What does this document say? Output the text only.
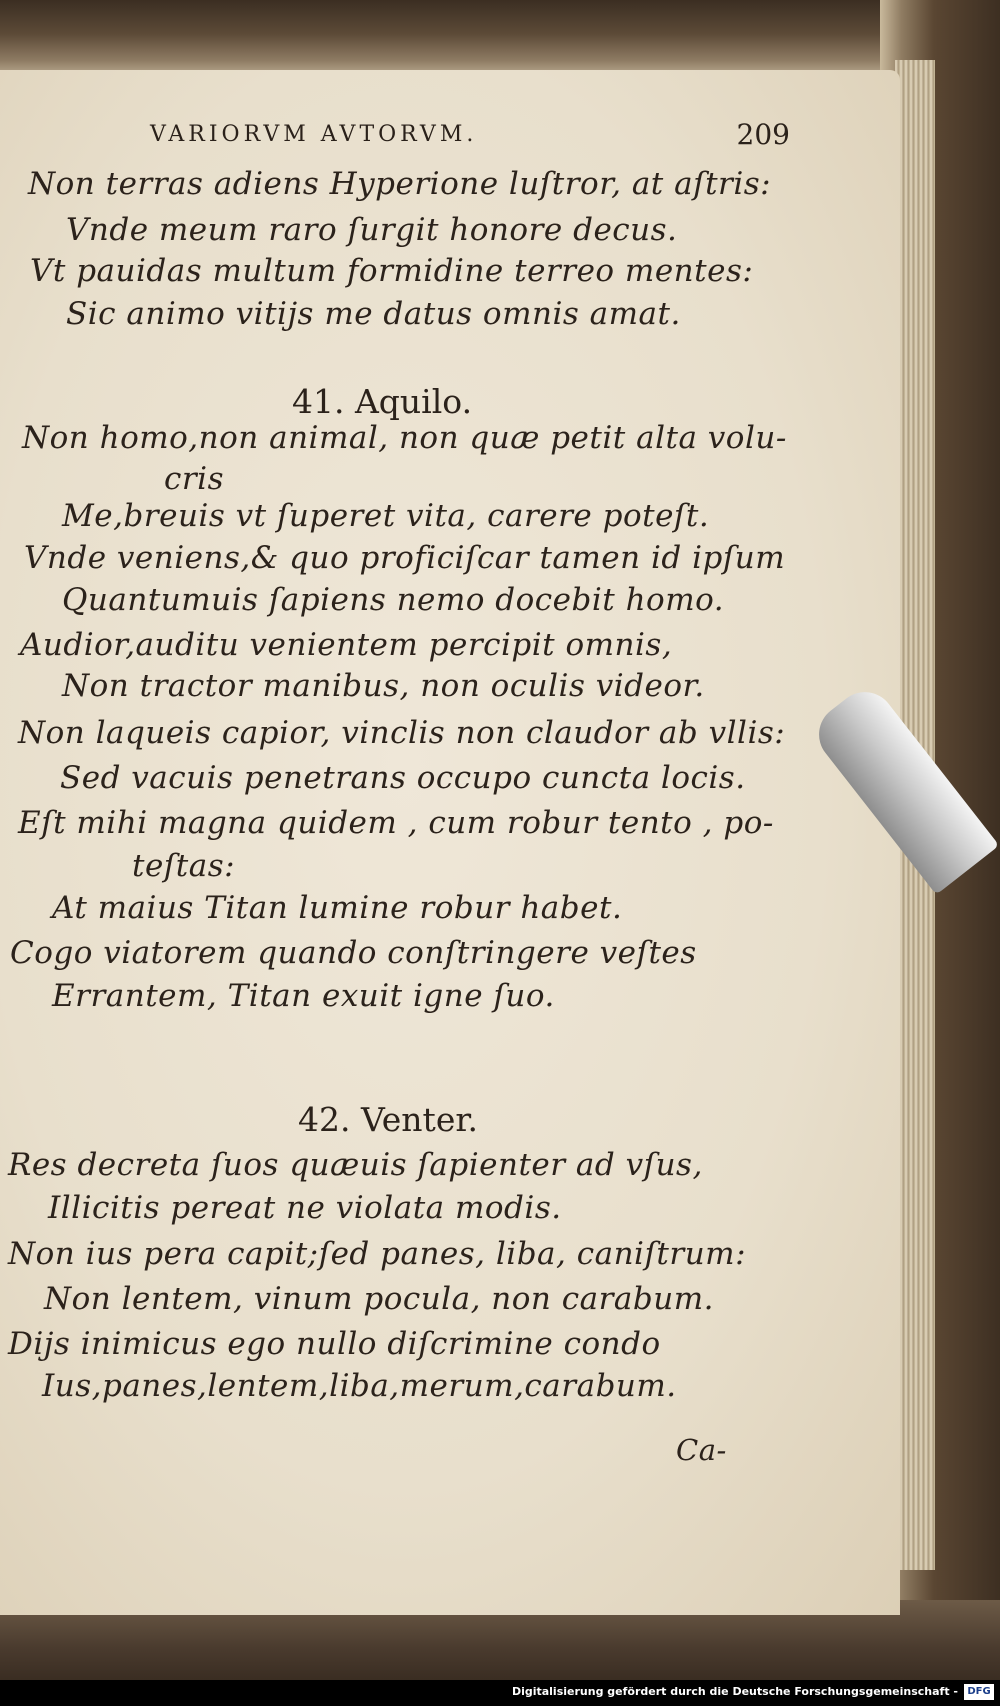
VARIORVM AVTORVM.	209
Non terras adiens Hyperione luſtror, at aſtris:
Vnde meum raro ſurgit honore decus.
Vt pauidas multum formidine terreo mentes:
Sic animo vitijs me datus omnis amat.
41. Aquilo.
Non homo,non animal, non quæ petit alta volu-
cris
Me,breuis vt ſuperet vita, carere poteſt.
Vnde veniens,& quo proficiſcar tamen id ipſum
Quantumuis ſapiens nemo docebit homo.
Audior,auditu venientem percipit omnis,
Non tractor manibus, non oculis videor.
Non laqueis capior, vinclis non claudor ab vllis:
Sed vacuis penetrans occupo cuncta locis.
Eſt mihi magna quidem , cum robur tento , po-
teſtas:
At maius Titan lumine robur habet.
Cogo viatorem quando conſtringere veſtes
Errantem, Titan exuit igne ſuo.
42. Venter.
Res decreta ſuos quæuis ſapienter ad vſus,
Illicitis pereat ne violata modis.
Non ius pera capit;ſed panes, liba, caniſtrum:
Non lentem, vinum pocula, non carabum.
Dijs inimicus ego nullo diſcrimine condo
Ius,panes,lentem,liba,merum,carabum.
Ca-
Digitalisierung gefördert durch die Deutsche Forschungsgemeinschaft - DFG
